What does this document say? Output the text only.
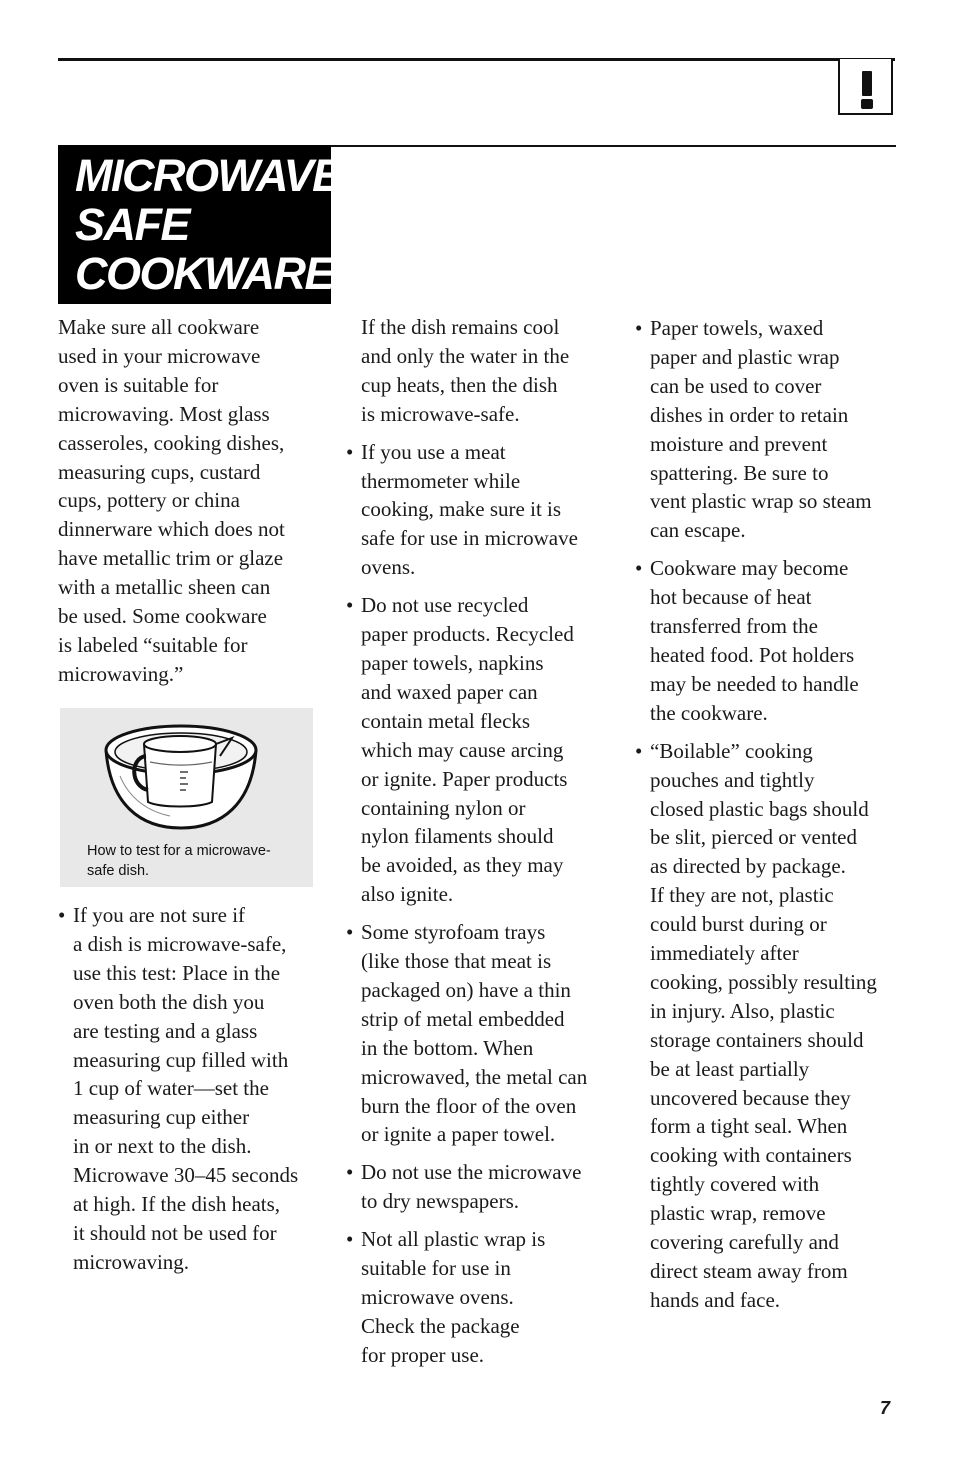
MICROWAVE-
SAFE
COOKWARE

Make sure all cookware
used in your microwave
oven is suitable for
microwaving. Most glass
casseroles, cooking dishes,
measuring cups, custard
cups, pottery or china
dinnerware which does not
have metallic trim or glaze
with a metallic sheen can
be used. Some cookware
is labeled “suitable for
microwaving.”

How to test for a microwave-
safe dish.
• If you are not sure if
a dish is microwave-safe,
use this test: Place in the
oven both the dish you
are testing and a glass
measuring cup filled with
1 cup of water—set the
measuring cup either
in or next to the dish.
Microwave 30–45 seconds
at high. If the dish heats,
it should not be used for
microwaving.
If the dish remains cool
and only the water in the
cup heats, then the dish
is microwave-safe.
• If you use a meat
thermometer while
cooking, make sure it is
safe for use in microwave
ovens.
• Do not use recycled
paper products. Recycled
paper towels, napkins
and waxed paper can
contain metal flecks
which may cause arcing
or ignite. Paper products
containing nylon or
nylon filaments should
be avoided, as they may
also ignite.
• Some styrofoam trays
(like those that meat is
packaged on) have a thin
strip of metal embedded
in the bottom. When
microwaved, the metal can
burn the floor of the oven
or ignite a paper towel.
• Do not use the microwave
to dry newspapers.
• Not all plastic wrap is
suitable for use in
microwave ovens.
Check the package
for proper use.
• Paper towels, waxed
paper and plastic wrap
can be used to cover
dishes in order to retain
moisture and prevent
spattering. Be sure to
vent plastic wrap so steam
can escape.
• Cookware may become
hot because of heat
transferred from the
heated food. Pot holders
may be needed to handle
the cookware.
• “Boilable” cooking
pouches and tightly
closed plastic bags should
be slit, pierced or vented
as directed by package.
If they are not, plastic
could burst during or
immediately after
cooking, possibly resulting
in injury. Also, plastic
storage containers should
be at least partially
uncovered because they
form a tight seal. When
cooking with containers
tightly covered with
plastic wrap, remove
covering carefully and
direct steam away from
hands and face.
7
